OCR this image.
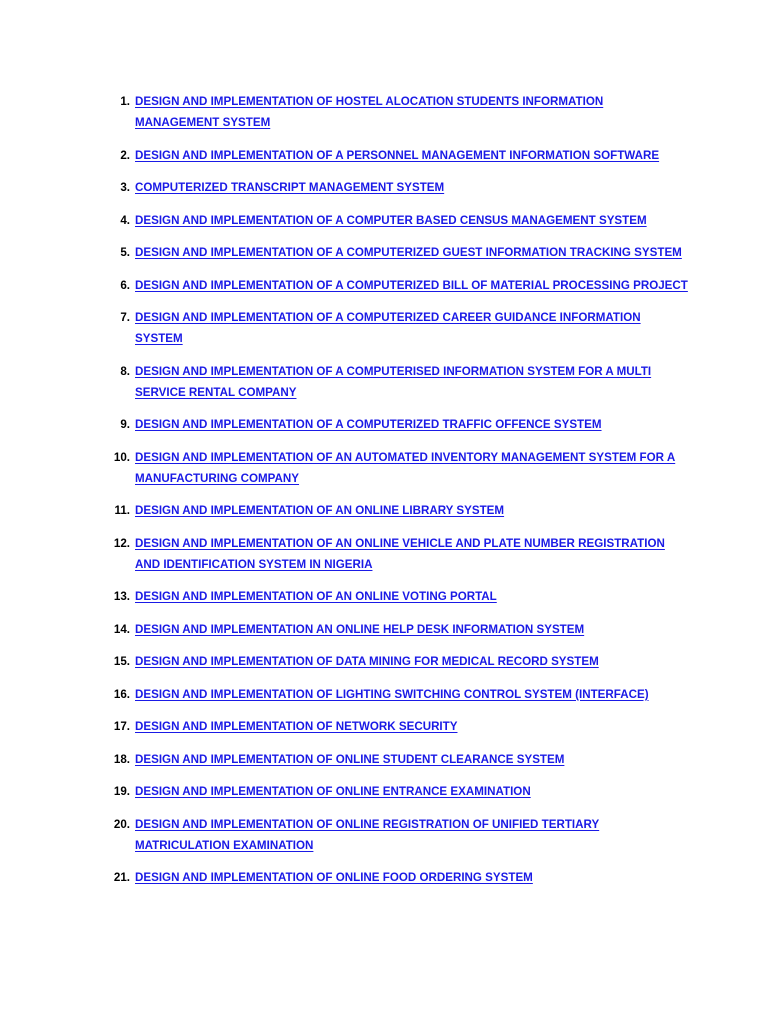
1. DESIGN AND IMPLEMENTATION OF HOSTEL ALOCATION STUDENTS INFORMATION MANAGEMENT SYSTEM
2. DESIGN AND IMPLEMENTATION OF A PERSONNEL MANAGEMENT INFORMATION SOFTWARE
3. COMPUTERIZED TRANSCRIPT MANAGEMENT SYSTEM
4. DESIGN AND IMPLEMENTATION OF A COMPUTER BASED CENSUS MANAGEMENT SYSTEM
5. DESIGN AND IMPLEMENTATION OF A COMPUTERIZED GUEST INFORMATION TRACKING SYSTEM
6. DESIGN AND IMPLEMENTATION OF A COMPUTERIZED BILL OF MATERIAL PROCESSING PROJECT
7. DESIGN AND IMPLEMENTATION OF A COMPUTERIZED CAREER GUIDANCE INFORMATION SYSTEM
8. DESIGN AND IMPLEMENTATION OF A COMPUTERISED INFORMATION SYSTEM FOR A MULTI SERVICE RENTAL COMPANY
9. DESIGN AND IMPLEMENTATION OF A COMPUTERIZED TRAFFIC OFFENCE SYSTEM
10. DESIGN AND IMPLEMENTATION OF AN AUTOMATED INVENTORY MANAGEMENT SYSTEM FOR A MANUFACTURING COMPANY
11. DESIGN AND IMPLEMENTATION OF AN ONLINE LIBRARY SYSTEM
12. DESIGN AND IMPLEMENTATION OF AN ONLINE VEHICLE AND PLATE NUMBER REGISTRATION AND IDENTIFICATION SYSTEM IN NIGERIA
13. DESIGN AND IMPLEMENTATION OF AN ONLINE VOTING PORTAL
14. DESIGN AND IMPLEMENTATION AN ONLINE HELP DESK INFORMATION SYSTEM
15. DESIGN AND IMPLEMENTATION OF DATA MINING FOR MEDICAL RECORD SYSTEM
16. DESIGN AND IMPLEMENTATION OF LIGHTING SWITCHING CONTROL SYSTEM (INTERFACE)
17. DESIGN AND IMPLEMENTATION OF NETWORK SECURITY
18. DESIGN AND IMPLEMENTATION OF ONLINE STUDENT CLEARANCE SYSTEM
19. DESIGN AND IMPLEMENTATION OF ONLINE ENTRANCE EXAMINATION
20. DESIGN AND IMPLEMENTATION OF ONLINE REGISTRATION OF UNIFIED TERTIARY MATRICULATION EXAMINATION
21. DESIGN AND IMPLEMENTATION OF ONLINE FOOD ORDERING SYSTEM
